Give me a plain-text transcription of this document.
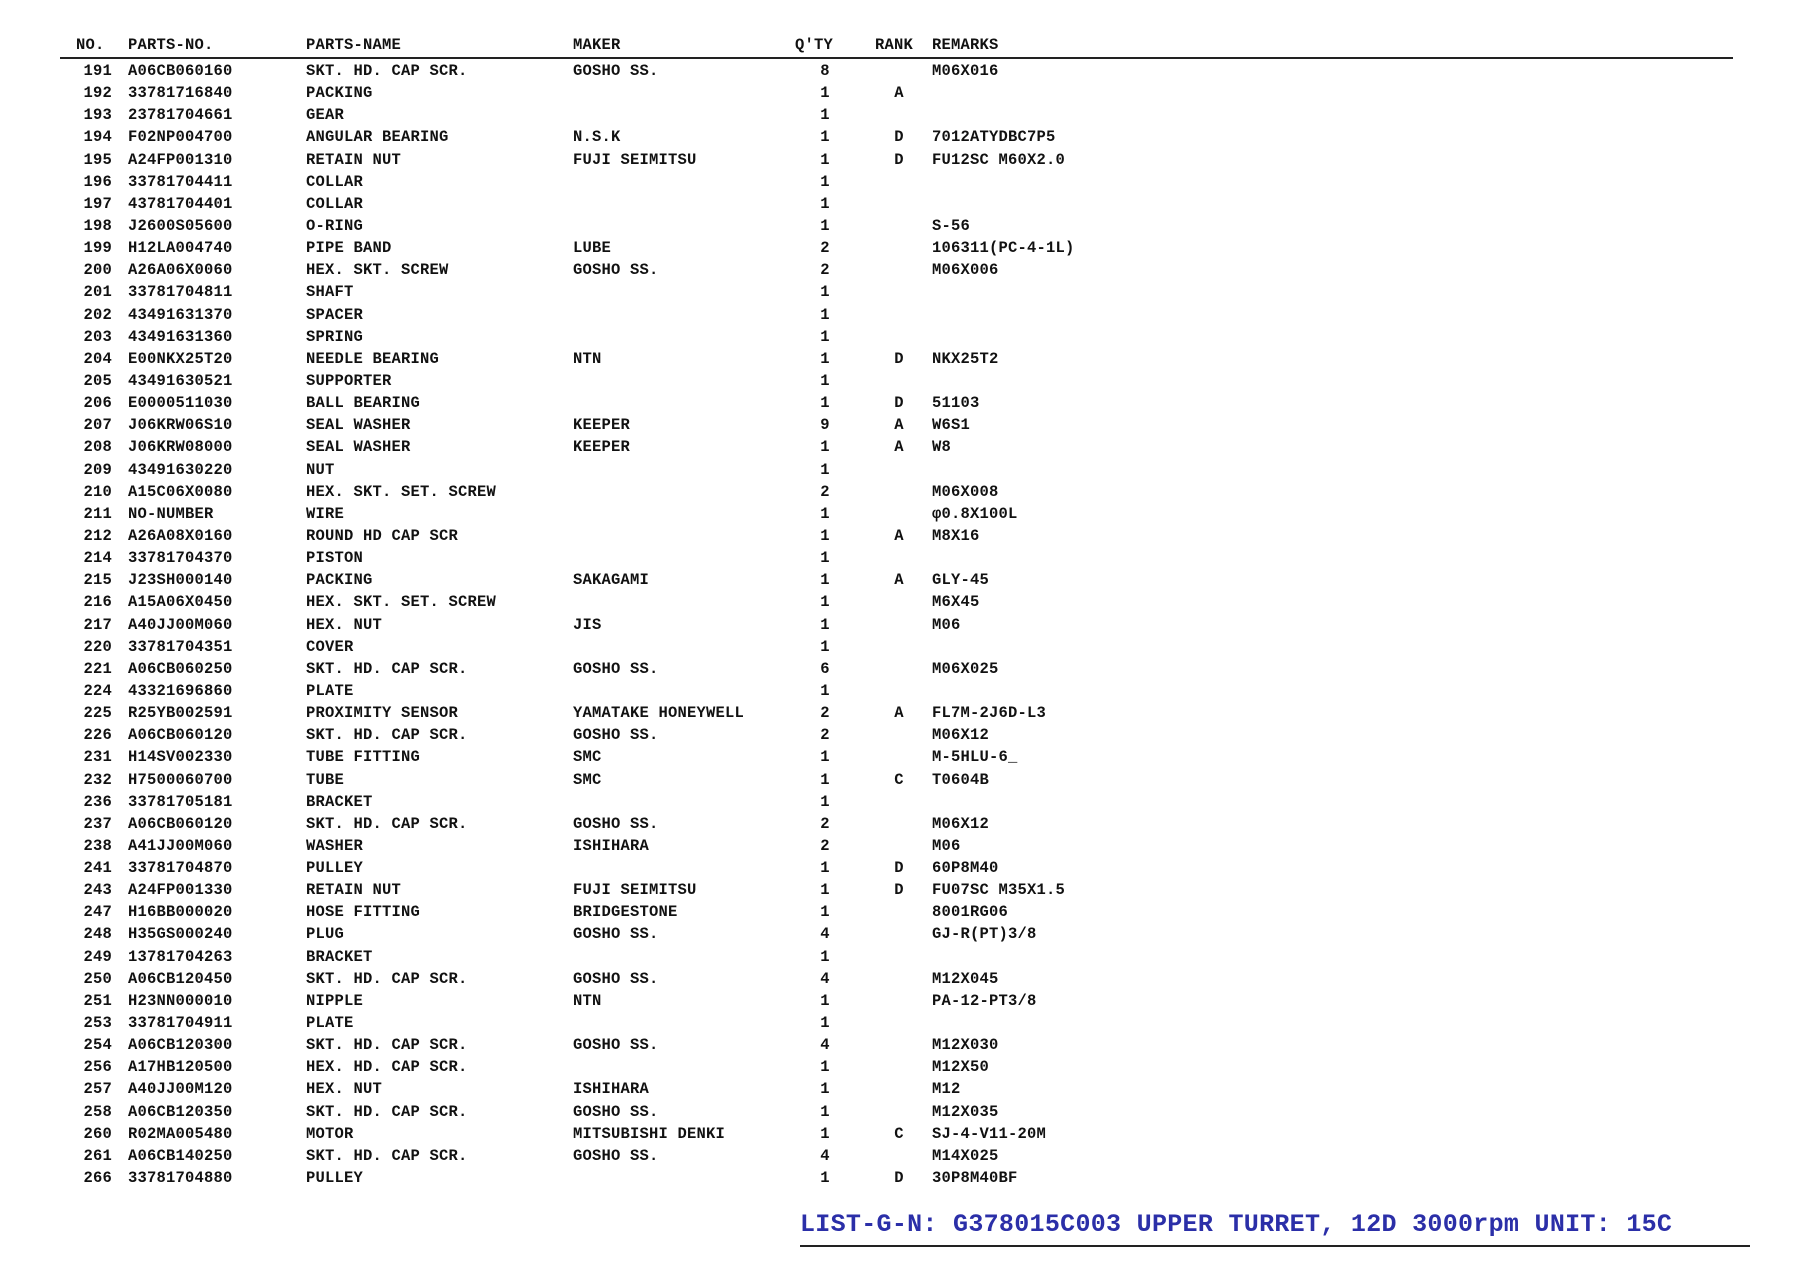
NO. PARTS-NO.	PARTS-NAME	MAKER	Q'TY	RANK REMARKS
191 A06CB060160	SKT. HD. CAP SCR.	GOSHO SS.	8	M06X016
192 33781716840	PACKING	1	A
193 23781704661	GEAR	1
194 F02NP004700	ANGULAR BEARING	N.S.K	1	D	7012ATYDBC7P5
195 A24FP001310	RETAIN NUT	FUJI SEIMITSU	1	D	FU12SC M60X2.0
196 33781704411	COLLAR	1
197 43781704401	COLLAR	1
198 J2600S05600	O-RING	1	S-56
199 H12LA004740	PIPE BAND	LUBE	2	106311(PC-4-1L)
200 A26A06X0060	HEX. SKT. SCREW	GOSHO SS.	2	M06X006
201 33781704811	SHAFT	1
202 43491631370	SPACER	1
203 43491631360	SPRING	1
204 E00NKX25T20	NEEDLE BEARING	NTN	1	D	NKX25T2
205 43491630521	SUPPORTER	1
206 E0000511030	BALL BEARING	1	D	51103
207 J06KRW06S10	SEAL WASHER	KEEPER	9	A	W6S1
208 J06KRW08000	SEAL WASHER	KEEPER	1	A	W8
209 43491630220	NUT	1
210 A15C06X0080	HEX. SKT. SET. SCREW	2	M06X008
211 NO-NUMBER	WIRE	1	φ0.8X100L
212 A26A08X0160	ROUND HD CAP SCR	1	A	M8X16
214 33781704370	PISTON	1
215 J23SH000140	PACKING	SAKAGAMI	1	A	GLY-45
216 A15A06X0450	HEX. SKT. SET. SCREW	1	M6X45
217 A40JJ00M060	HEX. NUT	JIS	1	M06
220 33781704351	COVER	1
221 A06CB060250	SKT. HD. CAP SCR.	GOSHO SS.	6	M06X025
224 43321696860	PLATE	1
225 R25YB002591	PROXIMITY SENSOR	YAMATAKE HONEYWELL	2	A	FL7M-2J6D-L3
226 A06CB060120	SKT. HD. CAP SCR.	GOSHO SS.	2	M06X12
231 H14SV002330	TUBE FITTING	SMC	1	M-5HLU-6_
232 H7500060700	TUBE	SMC	1	C	T0604B
236 33781705181	BRACKET	1
237 A06CB060120	SKT. HD. CAP SCR.	GOSHO SS.	2	M06X12
238 A41JJ00M060	WASHER	ISHIHARA	2	M06
241 33781704870	PULLEY	1	D	60P8M40
243 A24FP001330	RETAIN NUT	FUJI SEIMITSU	1	D	FU07SC M35X1.5
247 H16BB000020	HOSE FITTING	BRIDGESTONE	1	8001RG06
248 H35GS000240	PLUG	GOSHO SS.	4	GJ-R(PT)3/8
249 13781704263	BRACKET	1
250 A06CB120450	SKT. HD. CAP SCR.	GOSHO SS.	4	M12X045
251 H23NN000010	NIPPLE	NTN	1	PA-12-PT3/8
253 33781704911	PLATE	1
254 A06CB120300	SKT. HD. CAP SCR.	GOSHO SS.	4	M12X030
256 A17HB120500	HEX. HD. CAP SCR.	1	M12X50
257 A40JJ00M120	HEX. NUT	ISHIHARA	1	M12
258 A06CB120350	SKT. HD. CAP SCR.	GOSHO SS.	1	M12X035
260 R02MA005480	MOTOR	MITSUBISHI DENKI	1	C	SJ-4-V11-20M
261 A06CB140250	SKT. HD. CAP SCR.	GOSHO SS.	4	M14X025
266 33781704880	PULLEY	1	D	30P8M40BF
LIST-G-N: G378015C003 UPPER TURRET, 12D 3000rpm UNIT: 15C
